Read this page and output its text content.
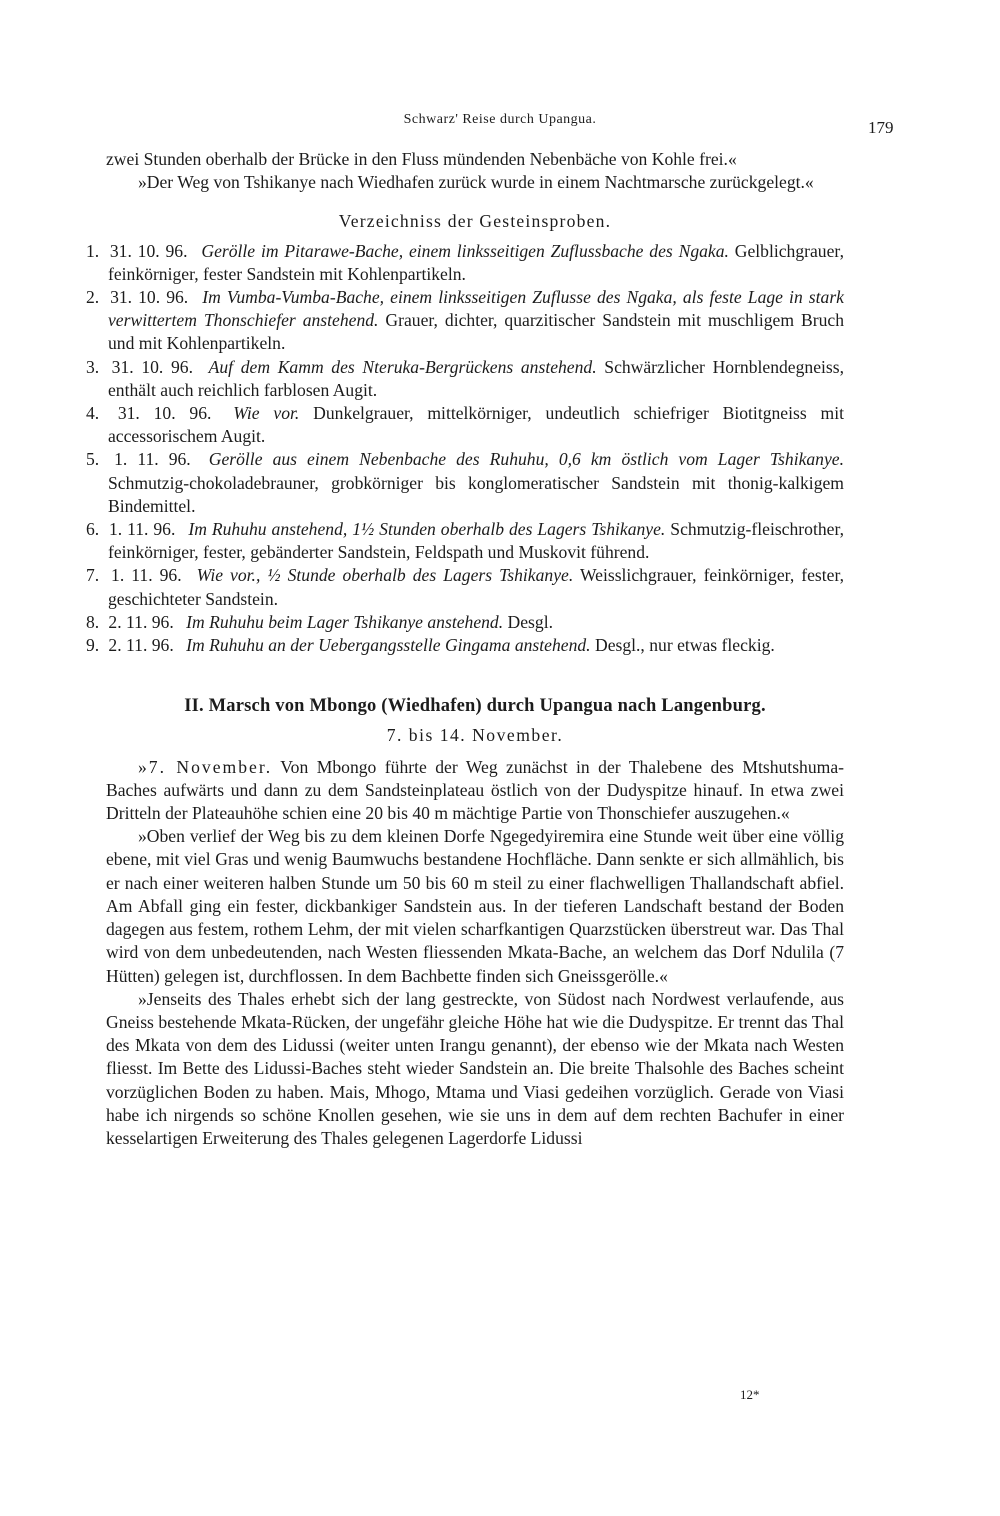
Schwarz' Reise durch Upangua.	179

zwei Stunden oberhalb der Brücke in den Fluss mündenden Nebenbäche von Kohle frei.«

»Der Weg von Tshikanye nach Wiedhafen zurück wurde in einem Nachtmarsche zurückgelegt.«

Verzeichniss der Gesteinsproben.

1. 31. 10. 96. Gerölle im Pitarawe-Bache, einem linksseitigen Zuflussbache des Ngaka. Gelblichgrauer, feinkörniger, fester Sandstein mit Kohlenpartikeln.
2. 31. 10. 96. Im Vumba-Vumba-Bache, einem linksseitigen Zuflusse des Ngaka, als feste Lage in stark verwittertem Thonschiefer anstehend. Grauer, dichter, quarzitischer Sandstein mit muschligem Bruch und mit Kohlenpartikeln.
3. 31. 10. 96. Auf dem Kamm des Nteruka-Bergrückens anstehend. Schwärzlicher Hornblendegneiss, enthält auch reichlich farblosen Augit.
4. 31. 10. 96. Wie vor. Dunkelgrauer, mittelkörniger, undeutlich schiefriger Biotitgneiss mit accessorischem Augit.
5. 1. 11. 96. Gerölle aus einem Nebenbache des Ruhuhu, 0,6 km östlich vom Lager Tshikanye. Schmutzig-chokoladebrauner, grobkörniger bis konglomeratischer Sandstein mit thonig-kalkigem Bindemittel.
6. 1. 11. 96. Im Ruhuhu anstehend, 1½ Stunden oberhalb des Lagers Tshikanye. Schmutzig-fleischrother, feinkörniger, fester, gebänderter Sandstein, Feldspath und Muskovit führend.
7. 1. 11. 96. Wie vor., ½ Stunde oberhalb des Lagers Tshikanye. Weisslichgrauer, feinkörniger, fester, geschichteter Sandstein.
8. 2. 11. 96. Im Ruhuhu beim Lager Tshikanye anstehend. Desgl.
9. 2. 11. 96. Im Ruhuhu an der Uebergangsstelle Gingama anstehend. Desgl., nur etwas fleckig.

II. Marsch von Mbongo (Wiedhafen) durch Upangua nach Langenburg.

7. bis 14. November.

»7. November. Von Mbongo führte der Weg zunächst in der Thalebene des Mtshutshuma-Baches aufwärts und dann zu dem Sandsteinplateau östlich von der Dudyspitze hinauf. In etwa zwei Dritteln der Plateauhöhe schien eine 20 bis 40 m mächtige Partie von Thonschiefer auszugehen.«

»Oben verlief der Weg bis zu dem kleinen Dorfe Ngegedyiremira eine Stunde weit über eine völlig ebene, mit viel Gras und wenig Baumwuchs bestandene Hochfläche. Dann senkte er sich allmählich, bis er nach einer weiteren halben Stunde um 50 bis 60 m steil zu einer flachwelligen Thallandschaft abfiel. Am Abfall ging ein fester, dickbankiger Sandstein aus. In der tieferen Landschaft bestand der Boden dagegen aus festem, rothem Lehm, der mit vielen scharfkantigen Quarzstücken überstreut war. Das Thal wird von dem unbedeutenden, nach Westen fliessenden Mkata-Bache, an welchem das Dorf Ndulila (7 Hütten) gelegen ist, durchflossen. In dem Bachbette finden sich Gneissgerölle.«

»Jenseits des Thales erhebt sich der lang gestreckte, von Südost nach Nordwest verlaufende, aus Gneiss bestehende Mkata-Rücken, der ungefähr gleiche Höhe hat wie die Dudyspitze. Er trennt das Thal des Mkata von dem des Lidussi (weiter unten Irangu genannt), der ebenso wie der Mkata nach Westen fliesst. Im Bette des Lidussi-Baches steht wieder Sandstein an. Die breite Thalsohle des Baches scheint vorzüglichen Boden zu haben. Mais, Mhogo, Mtama und Viasi gedeihen vorzüglich. Gerade von Viasi habe ich nirgends so schöne Knollen gesehen, wie sie uns in dem auf dem rechten Bachufer in einer kesselartigen Erweiterung des Thales gelegenen Lagerdorfe Lidussi

12*
